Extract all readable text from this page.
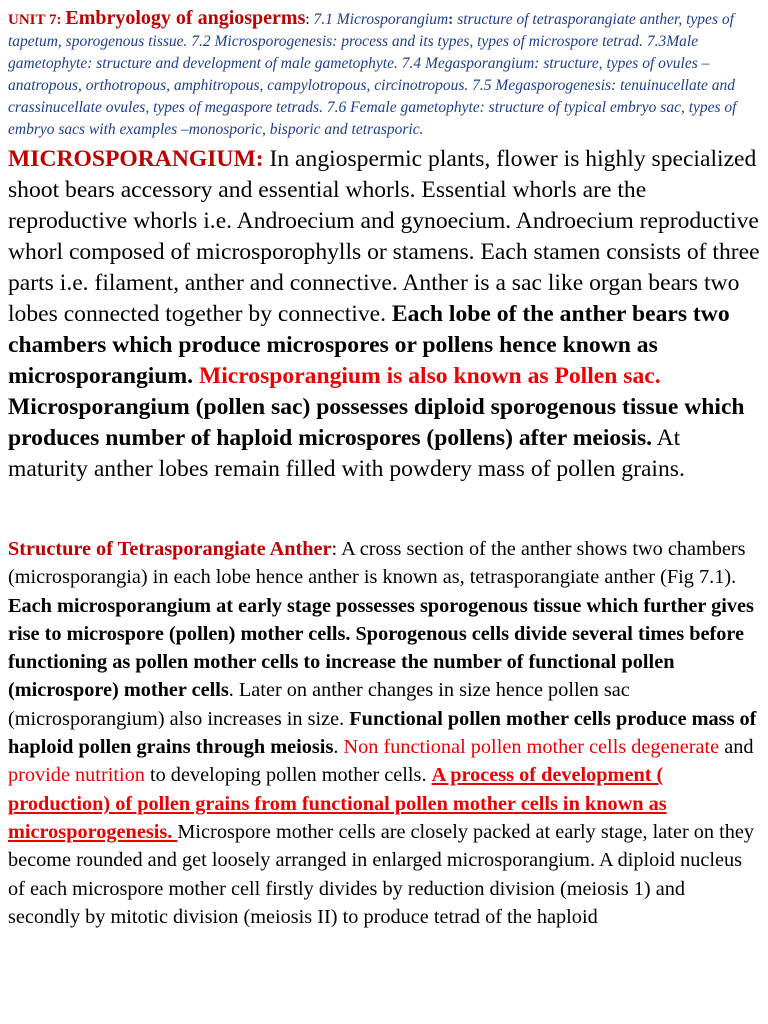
UNIT 7: Embryology of angiosperms: 7.1 Microsporangium: structure of tetrasporangiate anther, types of tapetum, sporogenous tissue. 7.2 Microsporogenesis: process and its types, types of microspore tetrad. 7.3Male gametophyte: structure and development of male gametophyte. 7.4 Megasporangium: structure, types of ovules – anatropous, orthotropous, amphitropous, campylotropous, circinotropous. 7.5 Megasporogenesis: tenuinucellate and crassinucellate ovules, types of megaspore tetrads. 7.6 Female gametophyte: structure of typical embryo sac, types of embryo sacs with examples –monosporic, bisporic and tetrasporic.

MICROSPORANGIUM: In angiospermic plants, flower is highly specialized shoot bears accessory and essential whorls. Essential whorls are the reproductive whorls i.e. Androecium and gynoecium. Androecium reproductive whorl composed of microsporophylls or stamens. Each stamen consists of three parts i.e. filament, anther and connective. Anther is a sac like organ bears two lobes connected together by connective. Each lobe of the anther bears two chambers which produce microspores or pollens hence known as microsporangium. Microsporangium is also known as Pollen sac. Microsporangium (pollen sac) possesses diploid sporogenous tissue which produces number of haploid microspores (pollens) after meiosis. At maturity anther lobes remain filled with powdery mass of pollen grains.

Structure of Tetrasporangiate Anther: A cross section of the anther shows two chambers (microsporangia) in each lobe hence anther is known as, tetrasporangiate anther (Fig 7.1). Each microsporangium at early stage possesses sporogenous tissue which further gives rise to microspore (pollen) mother cells. Sporogenous cells divide several times before functioning as pollen mother cells to increase the number of functional pollen (microspore) mother cells. Later on anther changes in size hence pollen sac (microsporangium) also increases in size. Functional pollen mother cells produce mass of haploid pollen grains through meiosis. Non functional pollen mother cells degenerate and provide nutrition to developing pollen mother cells. A process of development ( production) of pollen grains from functional pollen mother cells in known as microsporogenesis. Microspore mother cells are closely packed at early stage, later on they become rounded and get loosely arranged in enlarged microsporangium. A diploid nucleus of each microspore mother cell firstly divides by reduction division (meiosis 1) and secondly by mitotic division (meiosis II) to produce tetrad of the haploid
